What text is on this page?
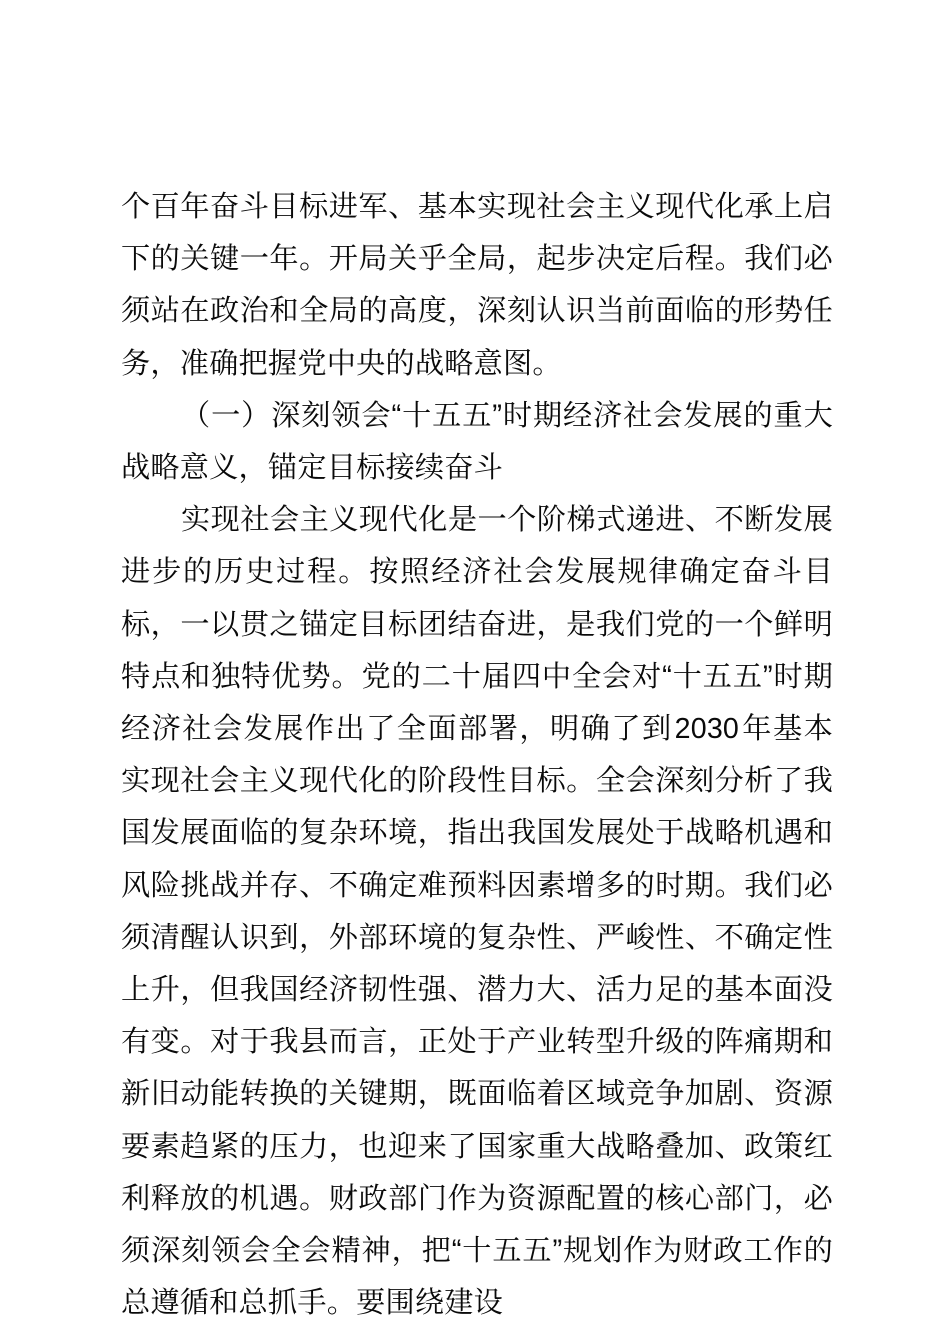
个百年奋斗目标进军、基本实现社会主义现代化承上启下的关键一年。开局关乎全局，起步决定后程。我们必须站在政治和全局的高度，深刻认识当前面临的形势任务，准确把握党中央的战略意图。

（一）深刻领会“十五五”时期经济社会发展的重大战略意义，锚定目标接续奋斗

实现社会主义现代化是一个阶梯式递进、不断发展进步的历史过程。按照经济社会发展规律确定奋斗目标，一以贯之锚定目标团结奋进，是我们党的一个鲜明特点和独特优势。党的二十届四中全会对“十五五”时期经济社会发展作出了全面部署，明确了到2030年基本实现社会主义现代化的阶段性目标。全会深刻分析了我国发展面临的复杂环境，指出我国发展处于战略机遇和风险挑战并存、不确定难预料因素增多的时期。我们必须清醒认识到，外部环境的复杂性、严峻性、不确定性上升，但我国经济韧性强、潜力大、活力足的基本面没有变。对于我县而言，正处于产业转型升级的阵痛期和新旧动能转换的关键期，既面临着区域竞争加剧、资源要素趋紧的压力，也迎来了国家重大战略叠加、政策红利释放的机遇。财政部门作为资源配置的核心部门，必须深刻领会全会精神，把“十五五”规划作为财政工作的总遵循和总抓手。要围绕建设
